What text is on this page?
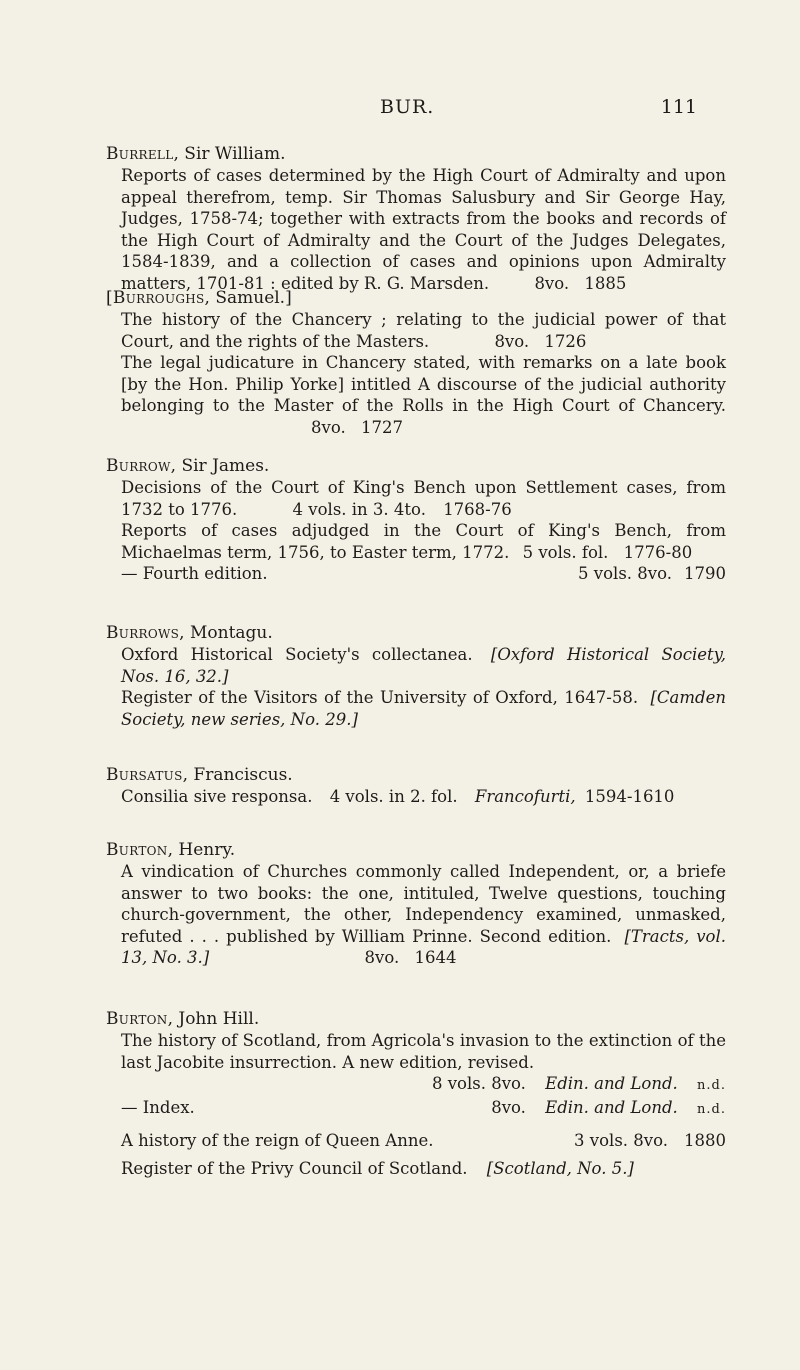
BUR.	111
Burrell, Sir William.
Reports of cases determined by the High Court of Admiralty and upon appeal therefrom, temp. Sir Thomas Salusbury and Sir George Hay, Judges, 1758-74; together with extracts from the books and records of the High Court of Admiralty and the Court of the Judges Delegates, 1584-1839, and a collection of cases and opinions upon Admiralty matters, 1701-81 : edited by R. G. Marsden.	8vo. 1885
[Burroughs, Samuel.]
The history of the Chancery ; relating to the judicial power of that Court, and the rights of the Masters.	8vo. 1726
The legal judicature in Chancery stated, with remarks on a late book [by the Hon. Philip Yorke] intitled A discourse of the judicial authority belonging to the Master of the Rolls in the High Court of Chancery. 8vo. 1727
Burrow, Sir James.
Decisions of the Court of King's Bench upon Settlement cases, from 1732 to 1776.	4 vols. in 3. 4to. 1768-76
Reports of cases adjudged in the Court of King's Bench, from Michaelmas term, 1756, to Easter term, 1772. 5 vols. fol. 1776-80
— Fourth edition.	5 vols. 8vo. 1790
Burrows, Montagu.
Oxford Historical Society's collectanea. [Oxford Historical Society, Nos. 16, 32.]
Register of the Visitors of the University of Oxford, 1647-58. [Camden Society, new series, No. 29.]
Bursatus, Franciscus.
Consilia sive responsa. 4 vols. in 2. fol. Francofurti, 1594-1610
Burton, Henry.
A vindication of Churches commonly called Independent, or, a briefe answer to two books: the one, intituled, Twelve questions, touching church-government, the other, Independency examined, unmasked, refuted . . . published by William Prinne. Second edition. [Tracts, vol. 13, No. 3.]	8vo. 1644
Burton, John Hill.
The history of Scotland, from Agricola's invasion to the extinction of the last Jacobite insurrection. A new edition, revised.
8 vols. 8vo. Edin. and Lond. n.d.
— Index.	8vo. Edin. and Lond. n.d.
A history of the reign of Queen Anne.	3 vols. 8vo. 1880
Register of the Privy Council of Scotland. [Scotland, No. 5.]
